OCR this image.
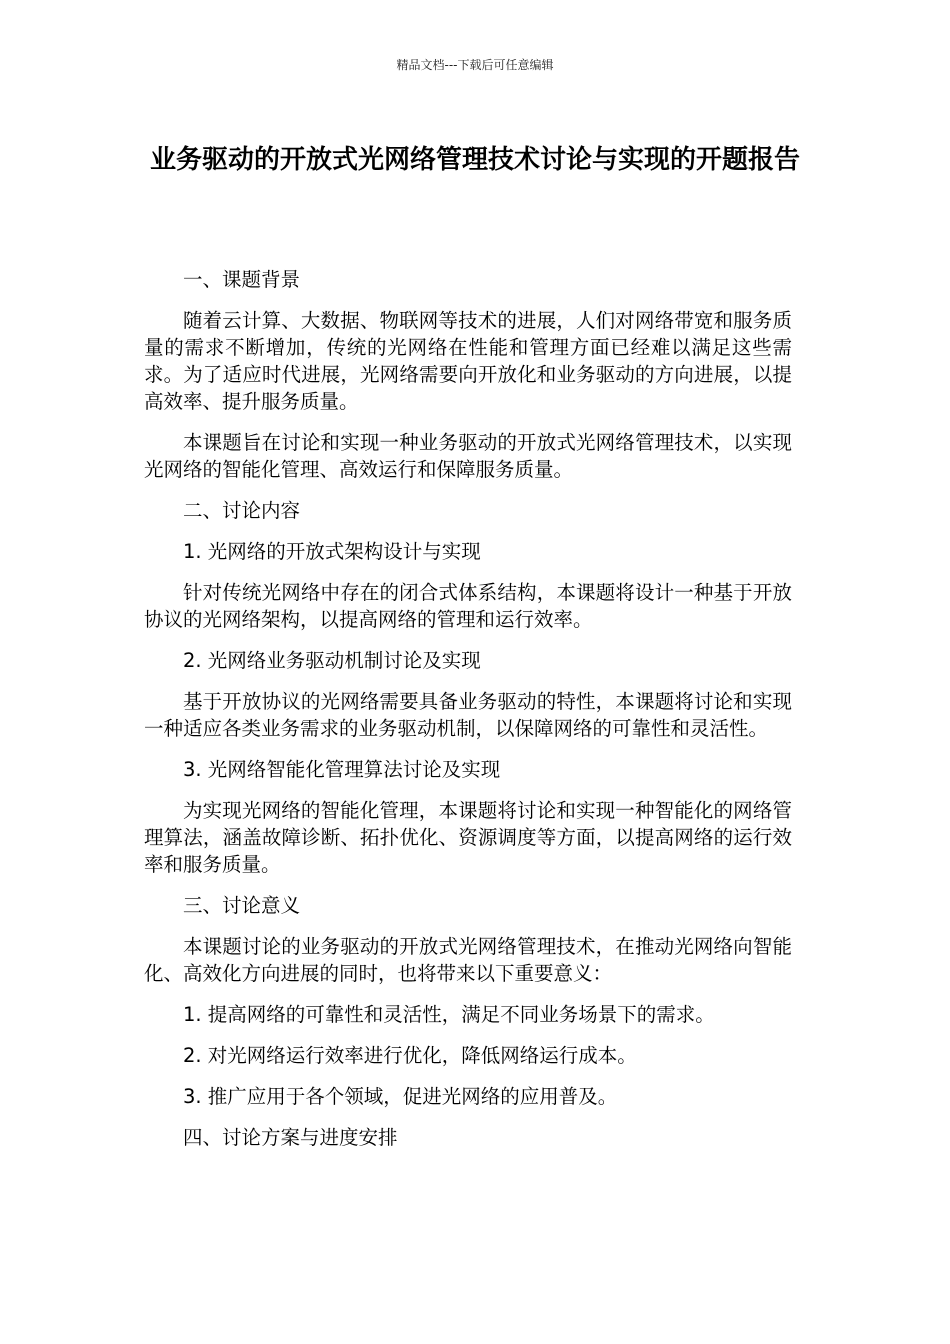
精品文档---下载后可任意编辑
业务驱动的开放式光网络管理技术讨论与实现的开题报告

一、课题背景

随着云计算、大数据、物联网等技术的进展，人们对网络带宽和服务质量的需求不断增加，传统的光网络在性能和管理方面已经难以满足这些需求。为了适应时代进展，光网络需要向开放化和业务驱动的方向进展，以提高效率、提升服务质量。

本课题旨在讨论和实现一种业务驱动的开放式光网络管理技术，以实现光网络的智能化管理、高效运行和保障服务质量。

二、讨论内容

1. 光网络的开放式架构设计与实现

针对传统光网络中存在的闭合式体系结构，本课题将设计一种基于开放协议的光网络架构，以提高网络的管理和运行效率。

2. 光网络业务驱动机制讨论及实现

基于开放协议的光网络需要具备业务驱动的特性，本课题将讨论和实现一种适应各类业务需求的业务驱动机制，以保障网络的可靠性和灵活性。

3. 光网络智能化管理算法讨论及实现

为实现光网络的智能化管理，本课题将讨论和实现一种智能化的网络管理算法，涵盖故障诊断、拓扑优化、资源调度等方面，以提高网络的运行效率和服务质量。

三、讨论意义

本课题讨论的业务驱动的开放式光网络管理技术，在推动光网络向智能化、高效化方向进展的同时，也将带来以下重要意义：

1. 提高网络的可靠性和灵活性，满足不同业务场景下的需求。

2. 对光网络运行效率进行优化，降低网络运行成本。

3. 推广应用于各个领域，促进光网络的应用普及。

四、讨论方案与进度安排
